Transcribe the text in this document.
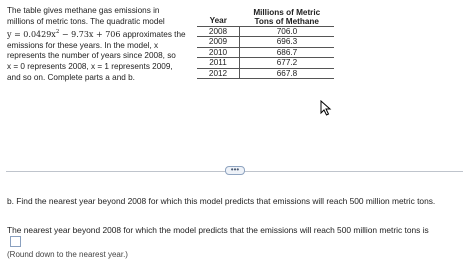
The table gives methane gas emissions in
millions of metric tons. The quadratic model
$y = 0.0429x^2 - 9.73x + 706$ approximates the
emissions for these years. In the model, x
represents the number of years since 2008, so
x = 0 represents 2008, x = 1 represents 2009,
and so on. Complete parts a and b.
Year	Millions of Metric
	Tons of Methane
2008	706.0
2009	696.3
2010	686.7
2011	677.2
2012	667.8
•••
b. Find the nearest year beyond 2008 for which this model predicts that emissions will reach 500 million metric tons.
The nearest year beyond 2008 for which the model predicts that the emissions will reach 500 million metric tons is
(Round down to the nearest year.)
